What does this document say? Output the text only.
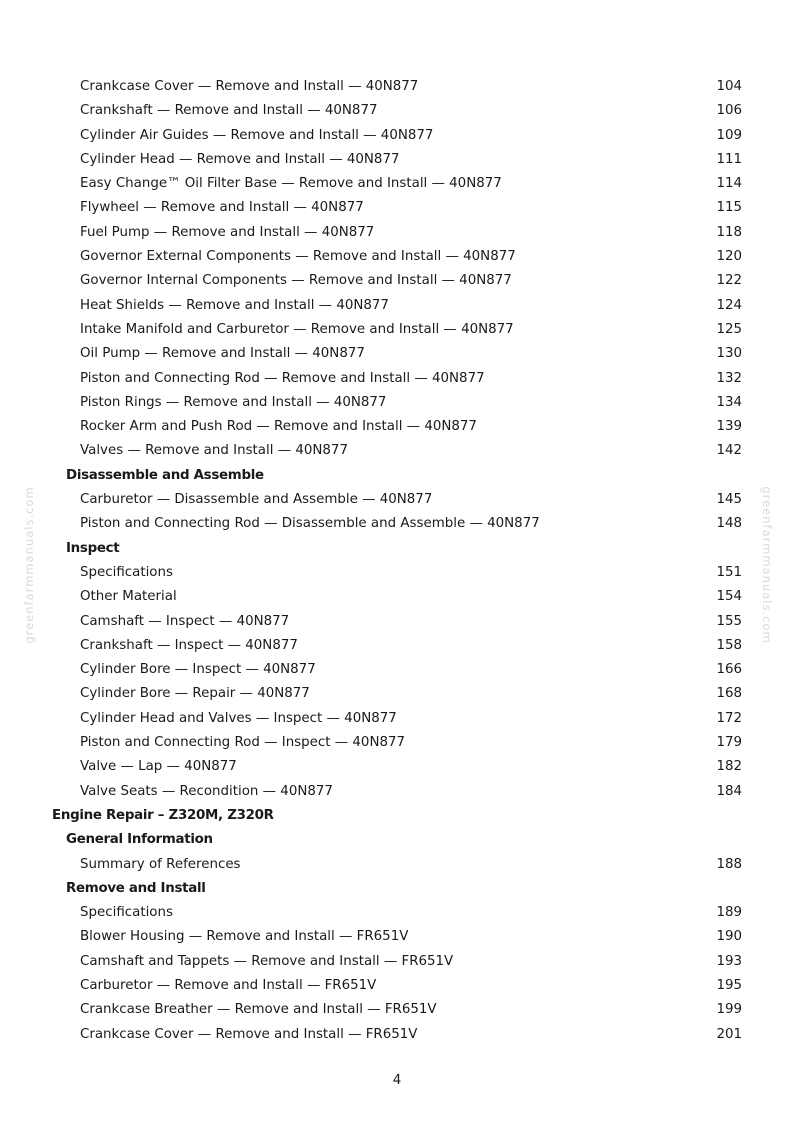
greenfarmmanuals.com	greenfarmmanuals.com
Crankcase Cover — Remove and Install — 40N877	104
Crankshaft — Remove and Install — 40N877	106
Cylinder Air Guides — Remove and Install — 40N877	109
Cylinder Head — Remove and Install — 40N877	111
Easy Change™ Oil Filter Base — Remove and Install — 40N877	114
Flywheel — Remove and Install — 40N877	115
Fuel Pump — Remove and Install — 40N877	118
Governor External Components — Remove and Install — 40N877	120
Governor Internal Components — Remove and Install — 40N877	122
Heat Shields — Remove and Install — 40N877	124
Intake Manifold and Carburetor — Remove and Install — 40N877	125
Oil Pump — Remove and Install — 40N877	130
Piston and Connecting Rod — Remove and Install — 40N877	132
Piston Rings — Remove and Install — 40N877	134
Rocker Arm and Push Rod — Remove and Install — 40N877	139
Valves — Remove and Install — 40N877	142
Disassemble and Assemble
Carburetor — Disassemble and Assemble — 40N877	145
Piston and Connecting Rod — Disassemble and Assemble — 40N877	148
Inspect
Specifications	151
Other Material	154
Camshaft — Inspect — 40N877	155
Crankshaft — Inspect — 40N877	158
Cylinder Bore — Inspect — 40N877	166
Cylinder Bore — Repair — 40N877	168
Cylinder Head and Valves — Inspect — 40N877	172
Piston and Connecting Rod — Inspect — 40N877	179
Valve — Lap — 40N877	182
Valve Seats — Recondition — 40N877	184
Engine Repair – Z320M, Z320R
General Information
Summary of References	188
Remove and Install
Specifications	189
Blower Housing — Remove and Install — FR651V	190
Camshaft and Tappets — Remove and Install — FR651V	193
Carburetor — Remove and Install — FR651V	195
Crankcase Breather — Remove and Install — FR651V	199
Crankcase Cover — Remove and Install — FR651V	201
4
